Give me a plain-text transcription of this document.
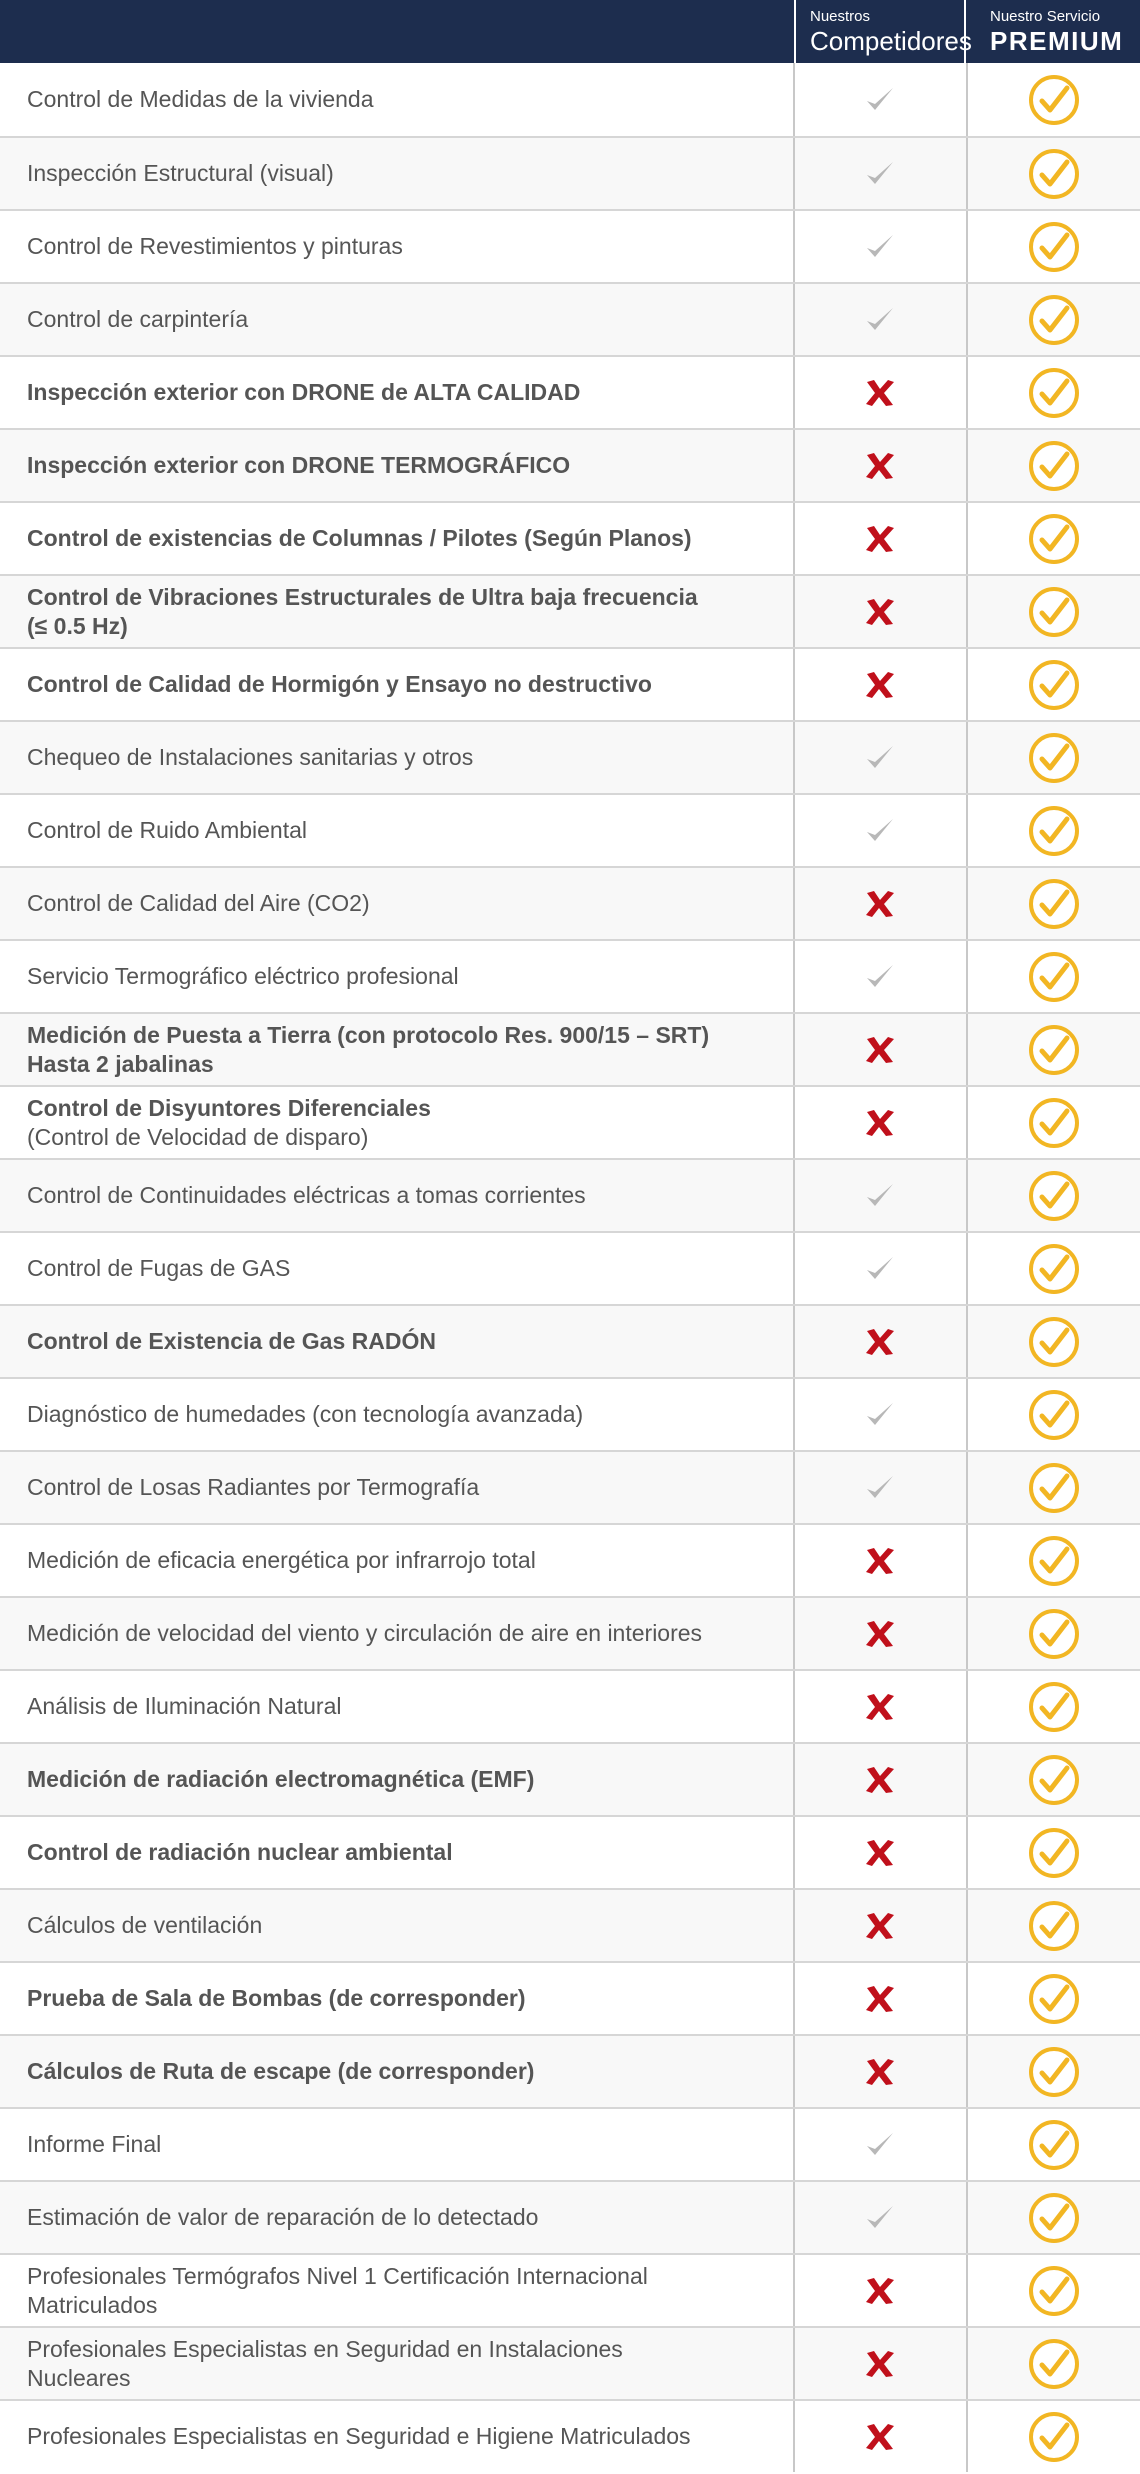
Nuestros
Competidores
Nuestro Servicio
PREMIUM
Control de Medidas de la vivienda
Inspección Estructural (visual)
Control de Revestimientos y pinturas
Control de carpintería
Inspección exterior con DRONE de ALTA CALIDAD
Inspección exterior con DRONE TERMOGRÁFICO
Control de existencias de Columnas / Pilotes (Según Planos)
Control de Vibraciones Estructurales de Ultra baja frecuencia
(≤ 0.5 Hz)
Control de Calidad de Hormigón y Ensayo no destructivo
Chequeo de Instalaciones sanitarias y otros
Control de Ruido Ambiental
Control de Calidad del Aire (CO2)
Servicio Termográfico eléctrico profesional
Medición de Puesta a Tierra (con protocolo Res. 900/15 – SRT)
Hasta 2 jabalinas
Control de Disyuntores Diferenciales
(Control de Velocidad de disparo)
Control de Continuidades eléctricas a tomas corrientes
Control de Fugas de GAS
Control de Existencia de Gas RADÓN
Diagnóstico de humedades (con tecnología avanzada)
Control de Losas Radiantes por Termografía
Medición de eficacia energética por infrarrojo total
Medición de velocidad del viento y circulación de aire en interiores
Análisis de Iluminación Natural
Medición de radiación electromagnética (EMF)
Control de radiación nuclear ambiental
Cálculos de ventilación
Prueba de Sala de Bombas (de corresponder)
Cálculos de Ruta de escape (de corresponder)
Informe Final
Estimación de valor de reparación de lo detectado
Profesionales Termógrafos Nivel 1 Certificación Internacional
Matriculados
Profesionales Especialistas en Seguridad en Instalaciones
Nucleares
Profesionales Especialistas en Seguridad e Higiene Matriculados
